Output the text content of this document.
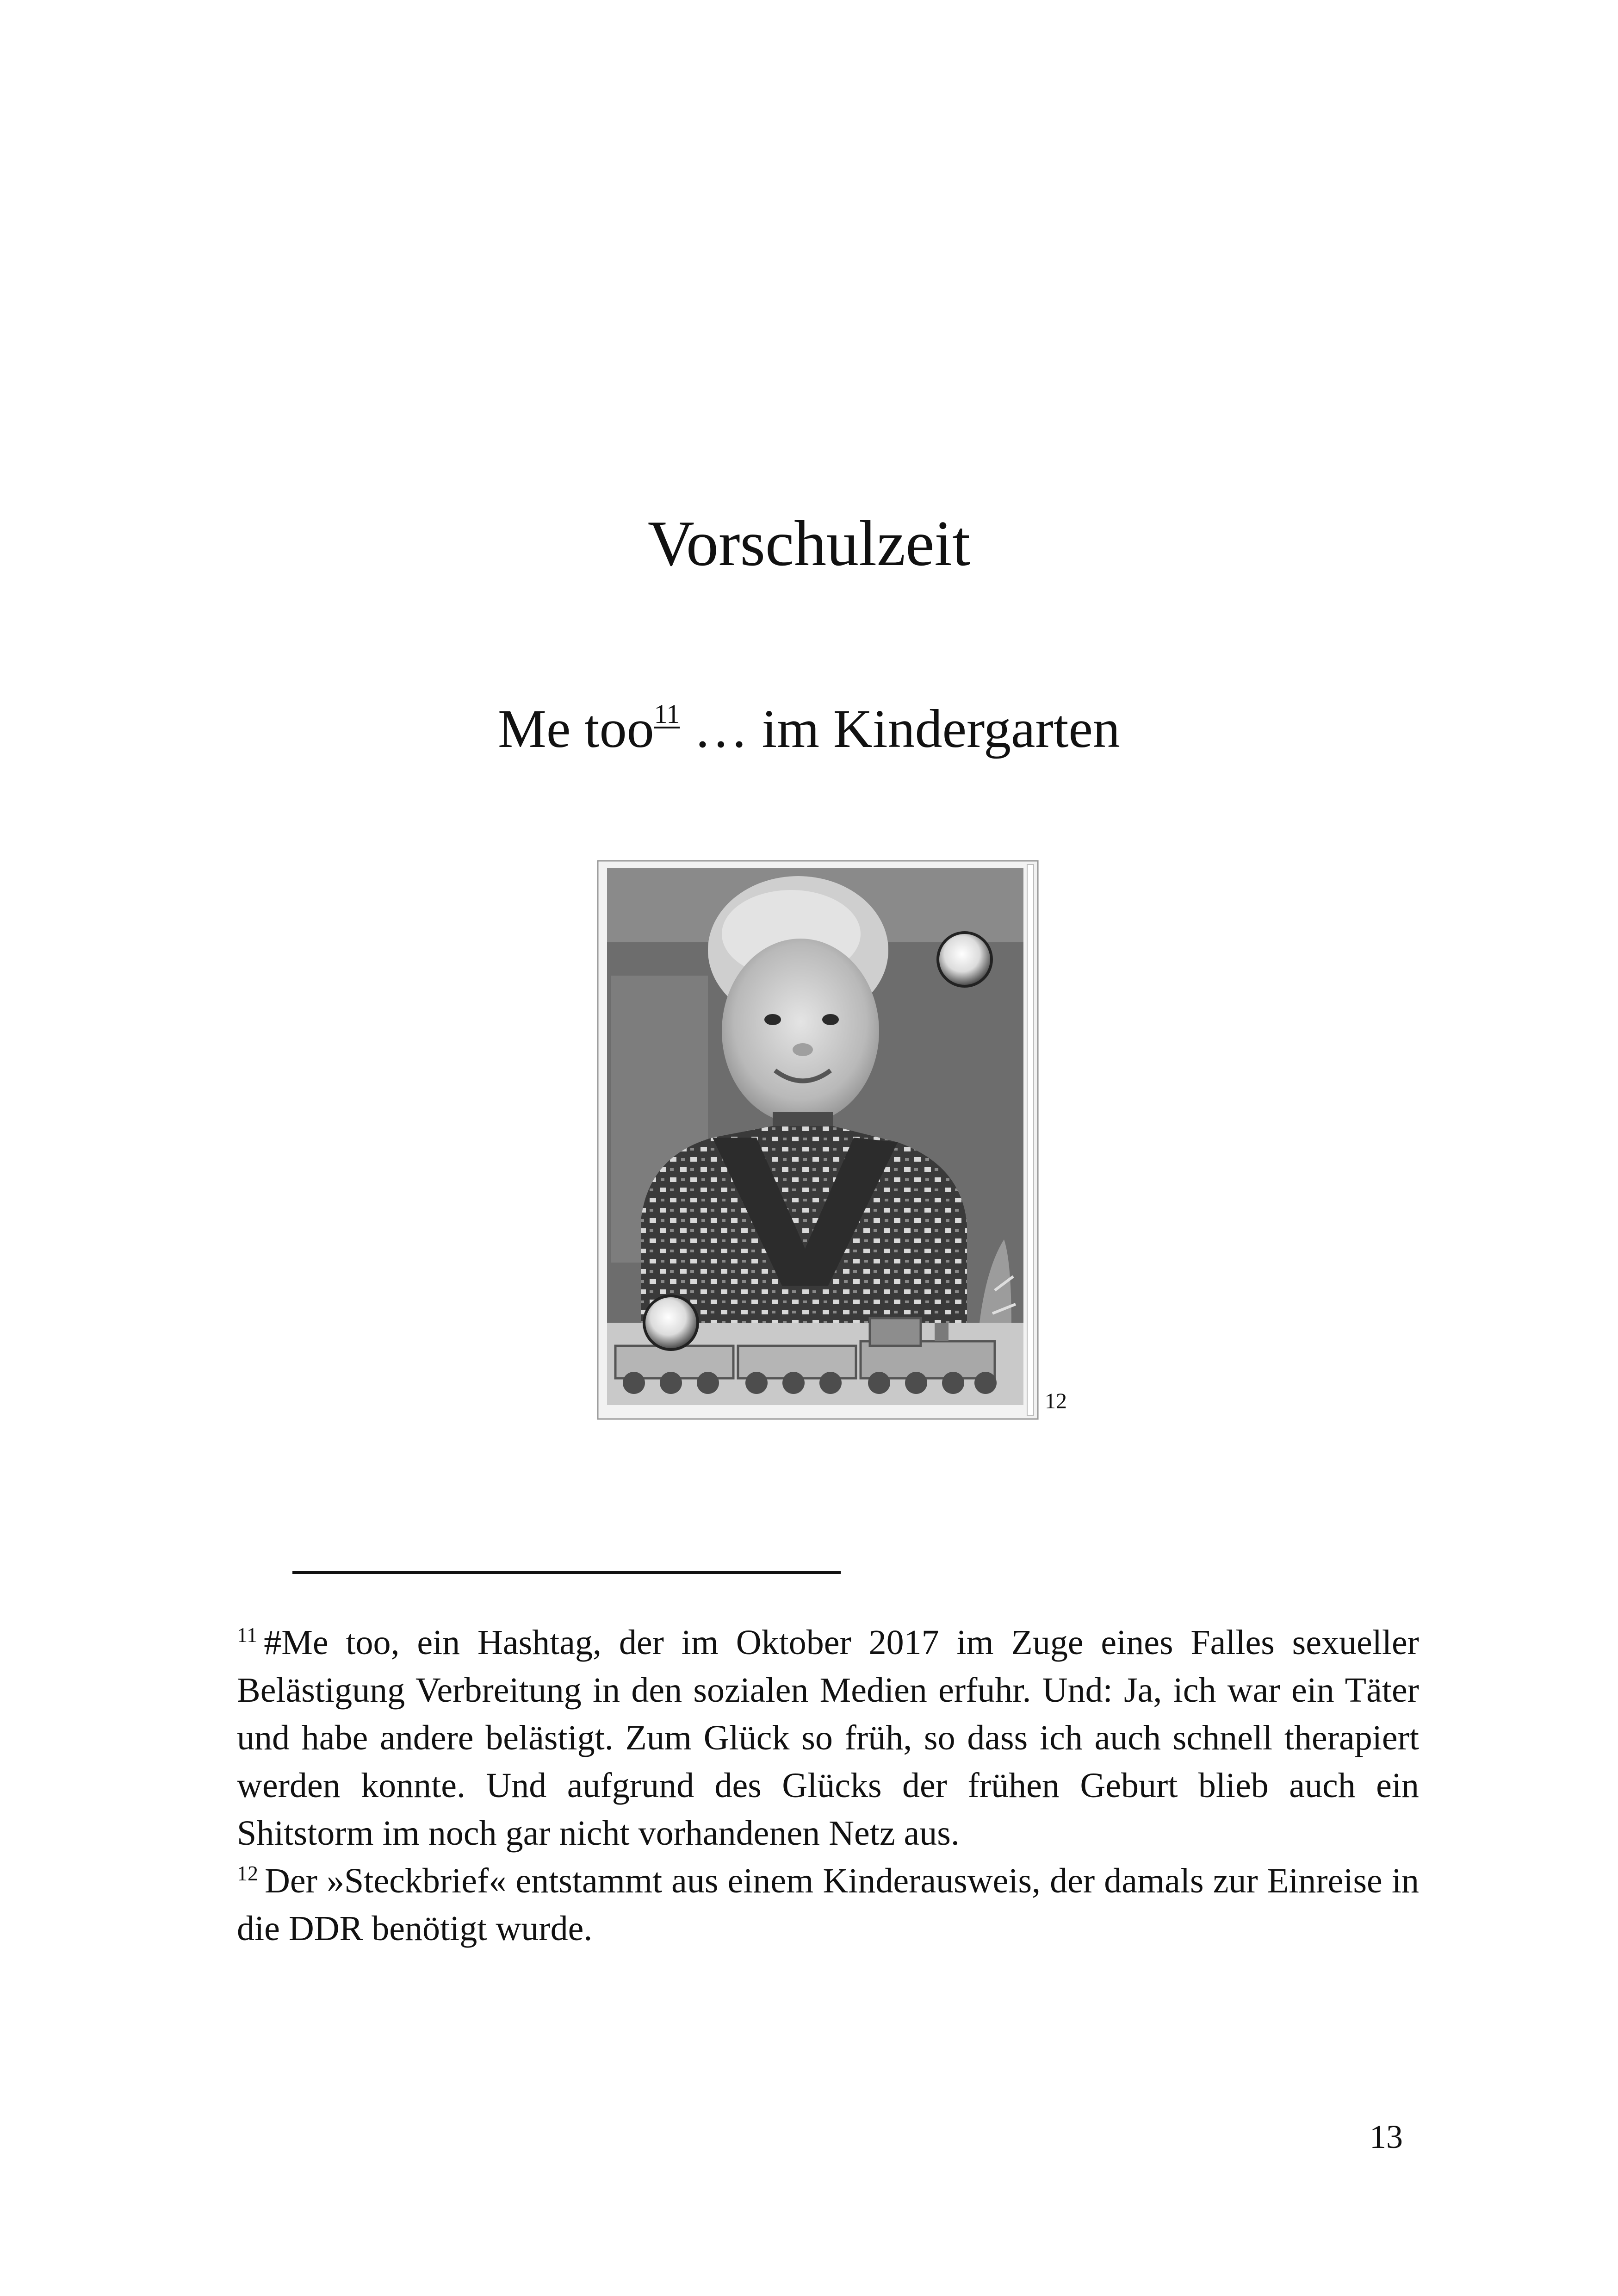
Vorschulzeit
Me too$^{11}$ … im Kindergarten
12

$^{11}$ #Me too, ein Hashtag, der im Oktober 2017 im Zuge eines Falles sexueller Belästigung Verbreitung in den sozialen Medien erfuhr. Und: Ja, ich war ein Täter und habe andere belästigt. Zum Glück so früh, so dass ich auch schnell therapiert werden konnte. Und aufgrund des Glücks der frühen Geburt blieb auch ein Shitstorm im noch gar nicht vorhandenen Netz aus.

$^{12}$ Der »Steckbrief« entstammt aus einem Kinderausweis, der damals zur Einreise in die DDR benötigt wurde.

13
